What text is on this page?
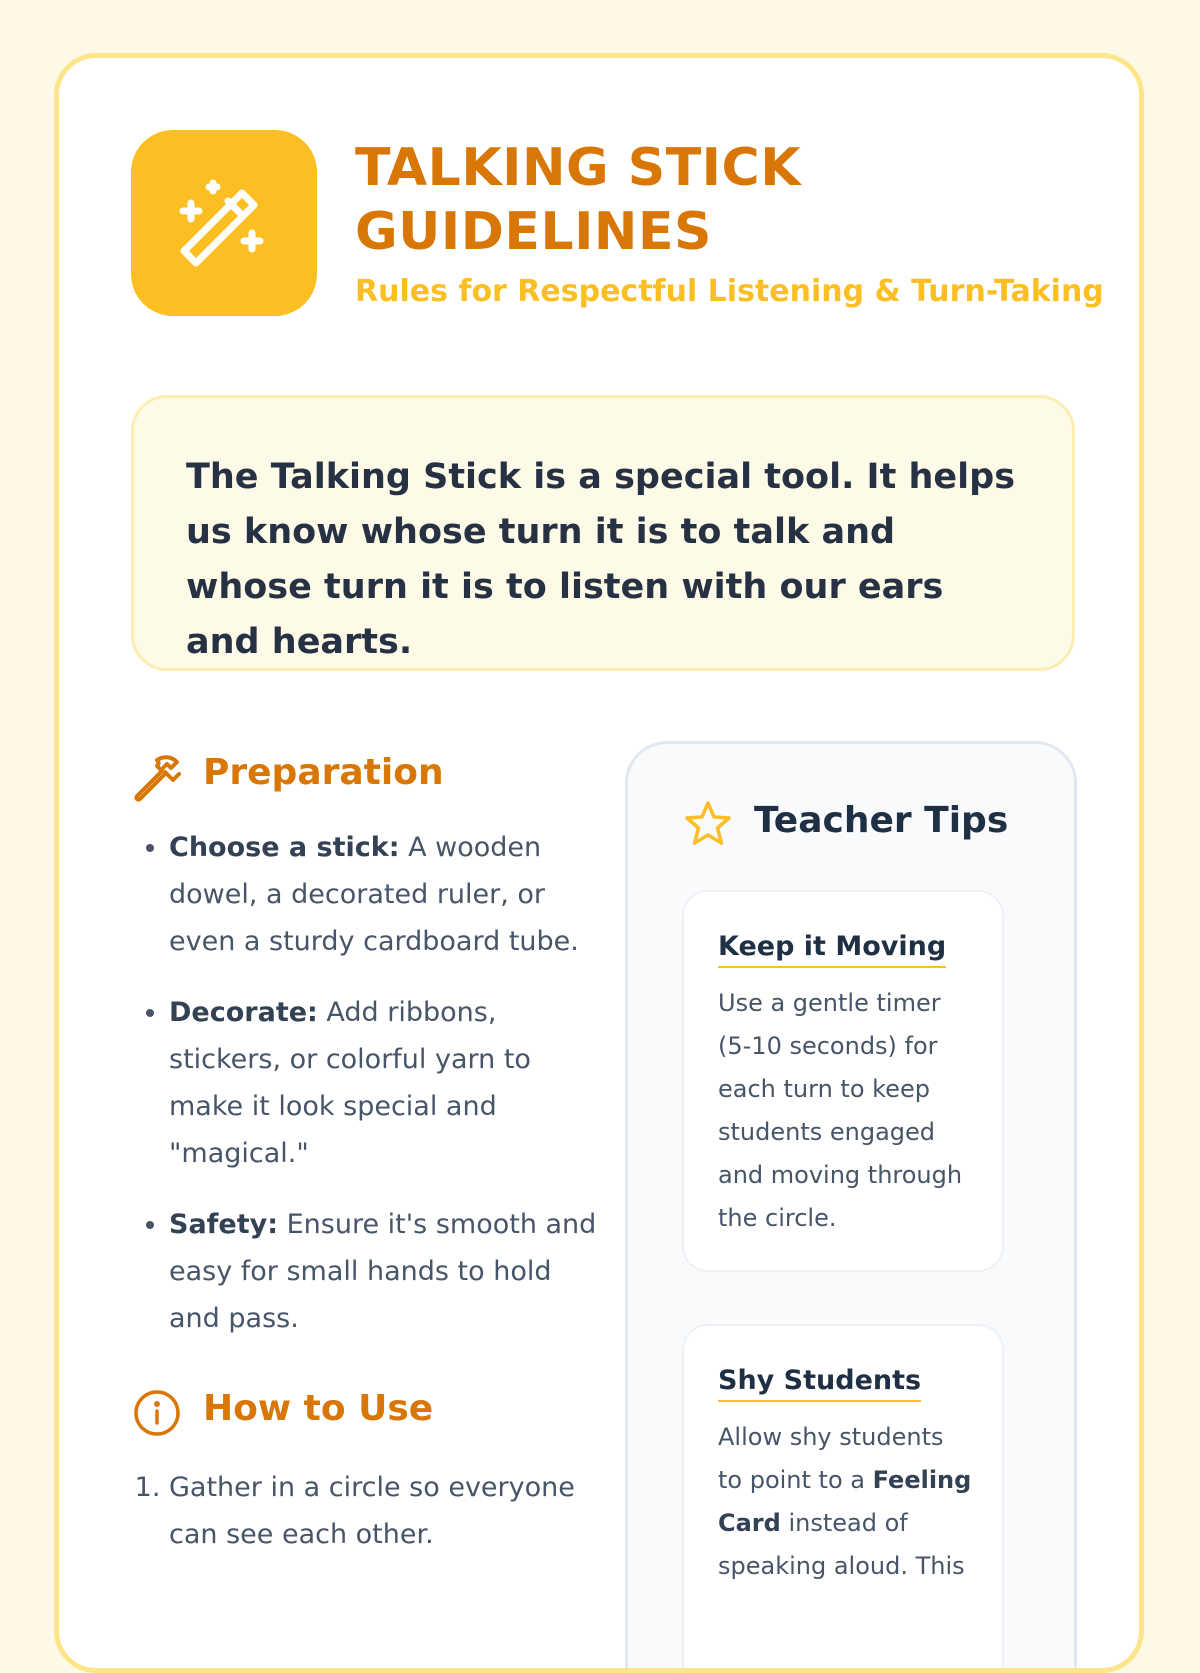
TALKING STICK GUIDELINES

Rules for Respectful Listening & Turn-Taking

The Talking Stick is a special tool. It helps us know whose turn it is to talk and whose turn it is to listen with our ears and hearts.

Preparation
• Choose a stick: A wooden dowel, a decorated ruler, or even a sturdy cardboard tube.
• Decorate: Add ribbons, stickers, or colorful yarn to make it look special and "magical."
• Safety: Ensure it's smooth and easy for small hands to hold and pass.
How to Use
1. Gather in a circle so everyone can see each other.
Teacher Tips
Keep it Moving

Use a gentle timer (5-10 seconds) for each turn to keep students engaged and moving through the circle.

Shy Students

Allow shy students to point to a Feeling Card instead of speaking aloud. This
